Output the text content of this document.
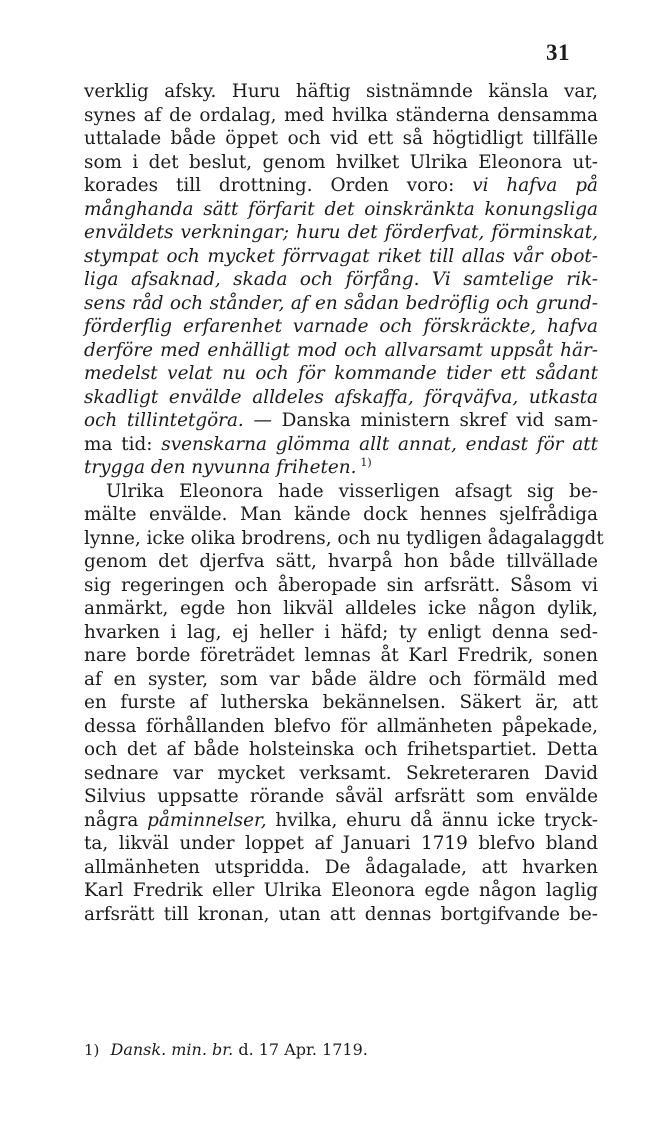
31
verklig afsky. Huru häftig sistnämnde känsla var,
synes af de ordalag, med hvilka ständerna densamma
uttalade både öppet och vid ett så högtidligt tillfälle
som i det beslut, genom hvilket Ulrika Eleonora ut-
korades till drottning. Orden voro: vi hafva på
månghanda sätt förfarit det oinskränkta konungsliga
enväldets verkningar; huru det förderfvat, förminskat,
stympat och mycket förrvagat riket till allas vår obot-
liga afsaknad, skada och förfång. Vi samtelige rik-
sens råd och stånder, af en sådan bedröflig och grund-
förderflig erfarenhet varnade och förskräckte, hafva
derföre med enhälligt mod och allvarsamt uppsåt här-
medelst velat nu och för kommande tider ett sådant
skadligt envälde alldeles afskaffa, förqväfva, utkasta
och tillintetgöra. — Danska ministern skref vid sam-
ma tid: svenskarna glömma allt annat, endast för att
trygga den nyvunna friheten. $^{1)}$
Ulrika Eleonora hade visserligen afsagt sig be-
mälte envälde. Man kände dock hennes sjelfrådiga
lynne, icke olika brodrens, och nu tydligen ådagalaggdt
genom det djerfva sätt, hvarpå hon både tillvällade
sig regeringen och åberopade sin arfsrätt. Såsom vi
anmärkt, egde hon likväl alldeles icke någon dylik,
hvarken i lag, ej heller i häfd; ty enligt denna sed-
nare borde företrädet lemnas åt Karl Fredrik, sonen
af en syster, som var både äldre och förmäld med
en furste af lutherska bekännelsen. Säkert är, att
dessa förhållanden blefvo för allmänheten påpekade,
och det af både holsteinska och frihetspartiet. Detta
sednare var mycket verksamt. Sekreteraren David
Silvius uppsatte rörande såväl arfsrätt som envälde
några påminnelser, hvilka, ehuru då ännu icke tryck-
ta, likväl under loppet af Januari 1719 blefvo bland
allmänheten utspridda. De ådagalade, att hvarken
Karl Fredrik eller Ulrika Eleonora egde någon laglig
arfsrätt till kronan, utan att dennas bortgifvande be-
1) Dansk. min. br. d. 17 Apr. 1719.
